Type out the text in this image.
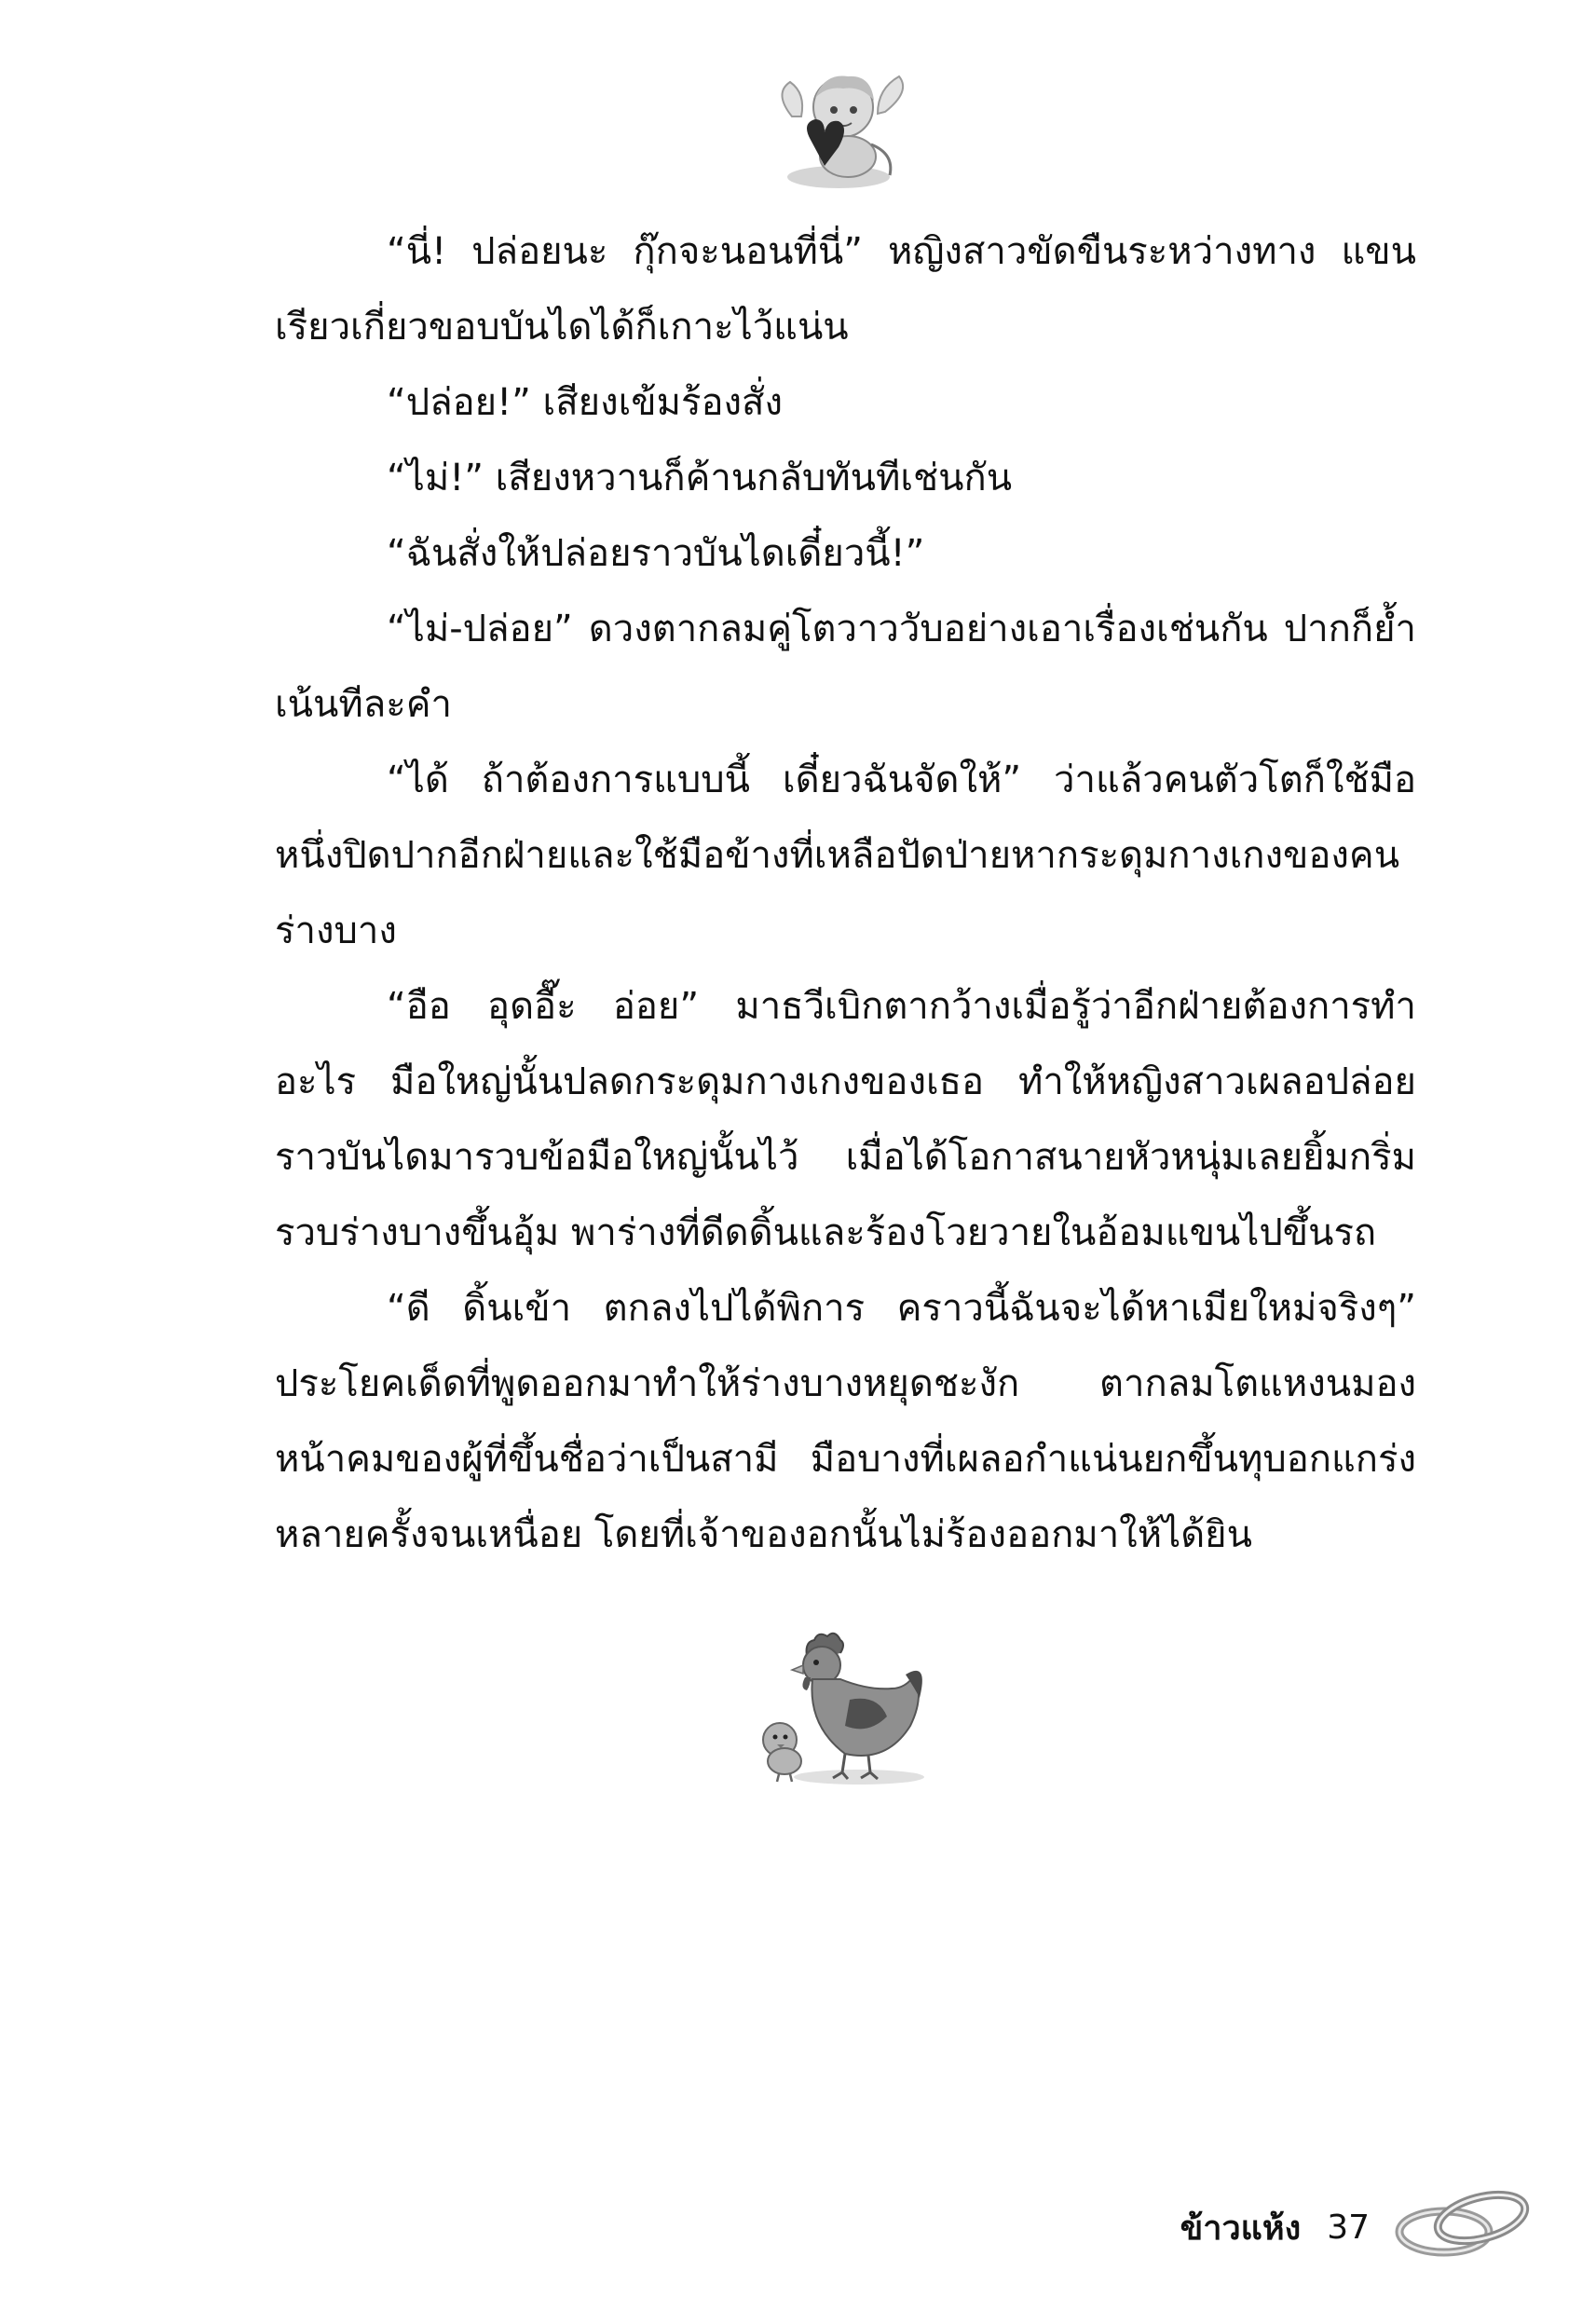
“นี่! ปล่อยนะ กุ๊กจะนอนที่นี่” หญิงสาวขัดขืนระหว่างทาง แขนเรียวเกี่ยวขอบบันไดได้ก็เกาะไว้แน่น

“ปล่อย!” เสียงเข้มร้องสั่ง

“ไม่!” เสียงหวานก็ค้านกลับทันทีเช่นกัน

“ฉันสั่งให้ปล่อยราวบันไดเดี๋ยวนี้!”

“ไม่-ปล่อย” ดวงตากลมคู่โตวาววับอย่างเอาเรื่องเช่นกัน ปากก็ย้ำเน้นทีละคำ

“ได้ ถ้าต้องการแบบนี้ เดี๋ยวฉันจัดให้” ว่าแล้วคนตัวโตก็ใช้มือหนึ่งปิดปากอีกฝ่ายและใช้มือข้างที่เหลือปัดป่ายหากระดุมกางเกงของคนร่างบาง

“อือ อุดอื๊ะ อ่อย” มาธวีเบิกตากว้างเมื่อรู้ว่าอีกฝ่ายต้องการทำอะไร มือใหญ่นั้นปลดกระดุมกางเกงของเธอ ทำให้หญิงสาวเผลอปล่อยราวบันไดมารวบข้อมือใหญ่นั้นไว้ เมื่อได้โอกาสนายหัวหนุ่มเลยยิ้มกริ่มรวบร่างบางขึ้นอุ้ม พาร่างที่ดีดดิ้นและร้องโวยวายในอ้อมแขนไปขึ้นรถ

“ดี ดิ้นเข้า ตกลงไปได้พิการ คราวนี้ฉันจะได้หาเมียใหม่จริงๆ” ประโยคเด็ดที่พูดออกมาทำให้ร่างบางหยุดชะงัก ตากลมโตแหงนมองหน้าคมของผู้ที่ขึ้นชื่อว่าเป็นสามี มือบางที่เผลอกำแน่นยกขึ้นทุบอกแกร่งหลายครั้งจนเหนื่อย โดยที่เจ้าของอกนั้นไม่ร้องออกมาให้ได้ยิน

ข้าวแห้ง 37
